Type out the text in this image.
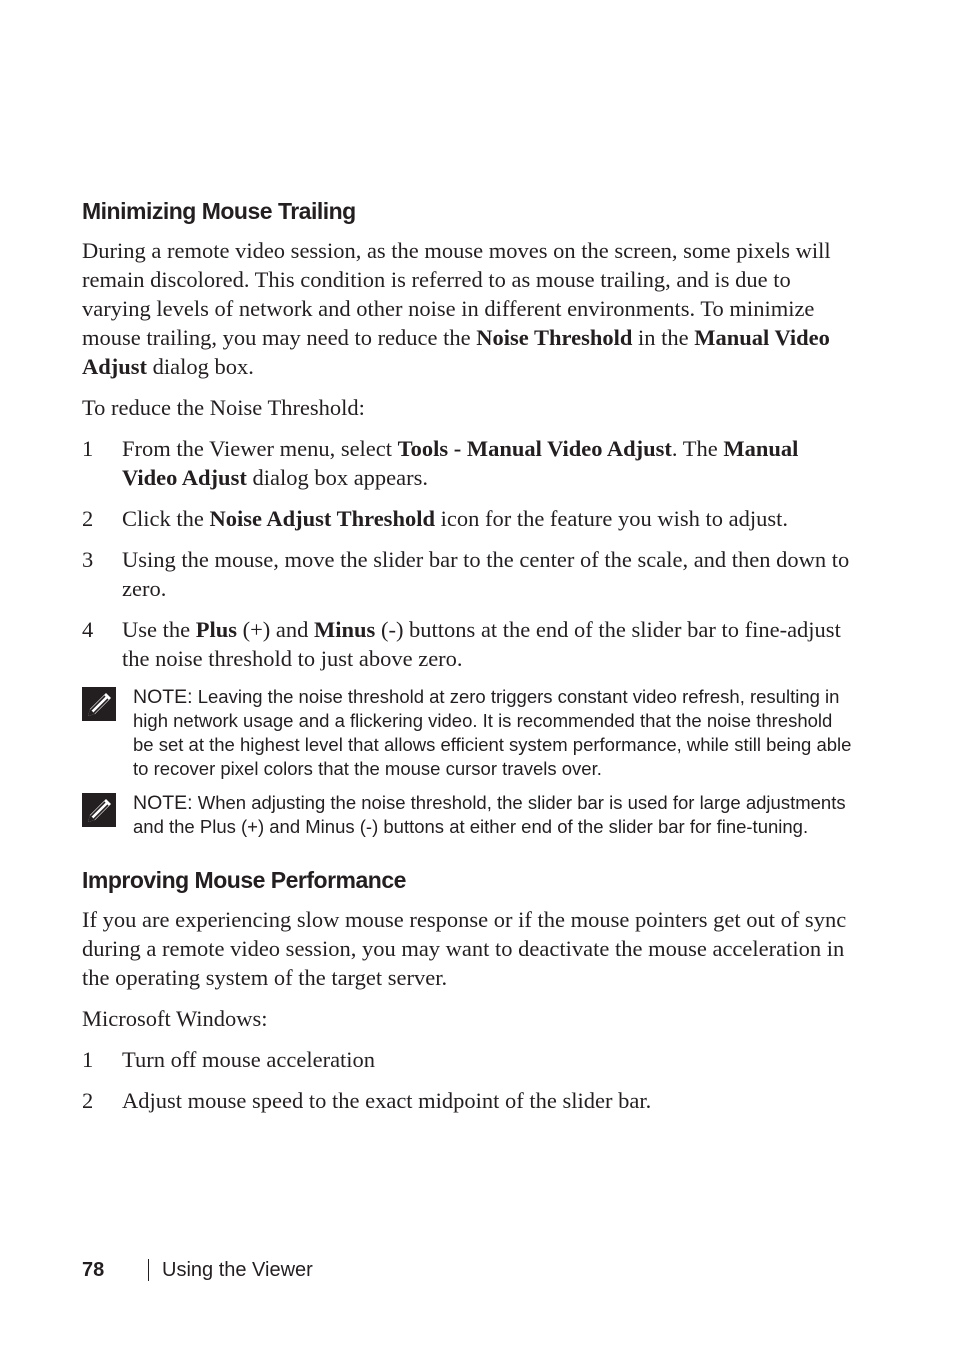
Minimizing Mouse Trailing

During a remote video session, as the mouse moves on the screen, some pixels will remain discolored. This condition is referred to as mouse trailing, and is due to varying levels of network and other noise in different environments. To minimize mouse trailing, you may need to reduce the Noise Threshold in the Manual Video Adjust dialog box.

To reduce the Noise Threshold:

1	From the Viewer menu, select Tools - Manual Video Adjust. The Manual Video Adjust dialog box appears.
2	Click the Noise Adjust Threshold icon for the feature you wish to adjust.
3	Using the mouse, move the slider bar to the center of the scale, and then down to zero.
4	Use the Plus (+) and Minus (-) buttons at the end of the slider bar to fine-adjust the noise threshold to just above zero.
NOTE: Leaving the noise threshold at zero triggers constant video refresh, resulting in high network usage and a flickering video. It is recommended that the noise threshold be set at the highest level that allows efficient system performance, while still being able to recover pixel colors that the mouse cursor travels over.
NOTE: When adjusting the noise threshold, the slider bar is used for large adjustments and the Plus (+) and Minus (-) buttons at either end of the slider bar for fine-tuning.
Improving Mouse Performance

If you are experiencing slow mouse response or if the mouse pointers get out of sync during a remote video session, you may want to deactivate the mouse acceleration in the operating system of the target server.

Microsoft Windows:

1	Turn off mouse acceleration
2	Adjust mouse speed to the exact midpoint of the slider bar.
78	Using the Viewer
